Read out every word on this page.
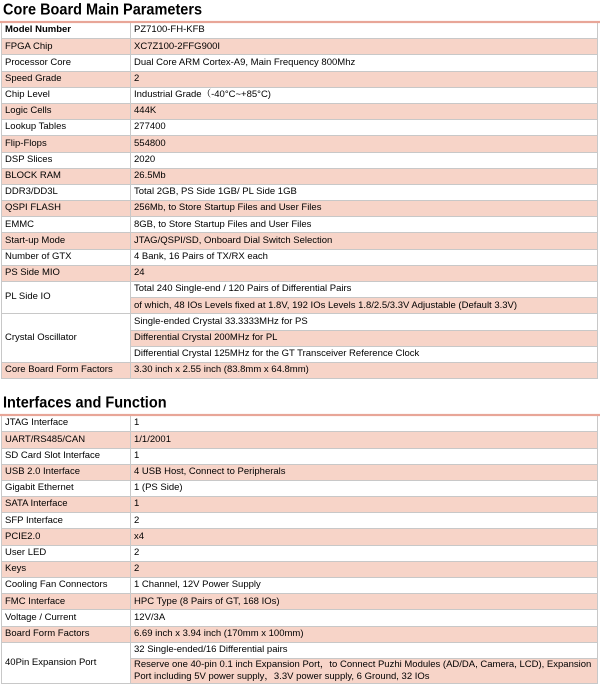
Core Board Main Parameters
Model Number	PZ7100-FH-KFB
FPGA Chip	XC7Z100-2FFG900I
Processor Core	Dual Core ARM Cortex-A9, Main Frequency 800Mhz
Speed Grade	2
Chip Level	Industrial Grade（-40°C~+85°C)
Logic Cells	444K
Lookup Tables	277400
Flip-Flops	554800
DSP Slices	2020
BLOCK RAM	26.5Mb
DDR3/DD3L	Total 2GB, PS Side 1GB/ PL Side 1GB
QSPI FLASH	256Mb, to Store Startup Files and User Files
EMMC	8GB, to Store Startup Files and User Files
Start-up Mode	JTAG/QSPI/SD, Onboard Dial Switch Selection
Number of GTX	4 Bank, 16 Pairs of TX/RX each
PS Side MIO	24
PL Side IO	Total 240 Single-end / 120 Pairs of Differential Pairs
	of which, 48 IOs Levels fixed at 1.8V, 192 IOs Levels 1.8/2.5/3.3V Adjustable (Default 3.3V)
Crystal Oscillator	Single-ended Crystal 33.3333MHz for PS
	Differential Crystal 200MHz for PL
	Differential Crystal 125MHz for the GT Transceiver Reference Clock
Core Board Form Factors	3.30 inch x 2.55 inch (83.8mm x 64.8mm)
Interfaces and Function
JTAG Interface	1
UART/RS485/CAN	1/1/2001
SD Card Slot Interface	1
USB 2.0 Interface	4 USB Host, Connect to Peripherals
Gigabit Ethernet	1 (PS Side)
SATA Interface	1
SFP Interface	2
PCIE2.0	x4
User LED	2
Keys	2
Cooling Fan Connectors	1 Channel, 12V Power Supply
FMC Interface	HPC Type (8 Pairs of GT, 168 IOs)
Voltage / Current	12V/3A
Board Form Factors	6.69 inch x 3.94 inch (170mm x 100mm)
40Pin Expansion Port	32 Single-ended/16 Differential pairs
	Reserve one 40-pin 0.1 inch Expansion Port，to Connect Puzhi Modules (AD/DA, Camera, LCD), Expansion Port including 5V power supply，3.3V power supply, 6 Ground, 32 IOs
